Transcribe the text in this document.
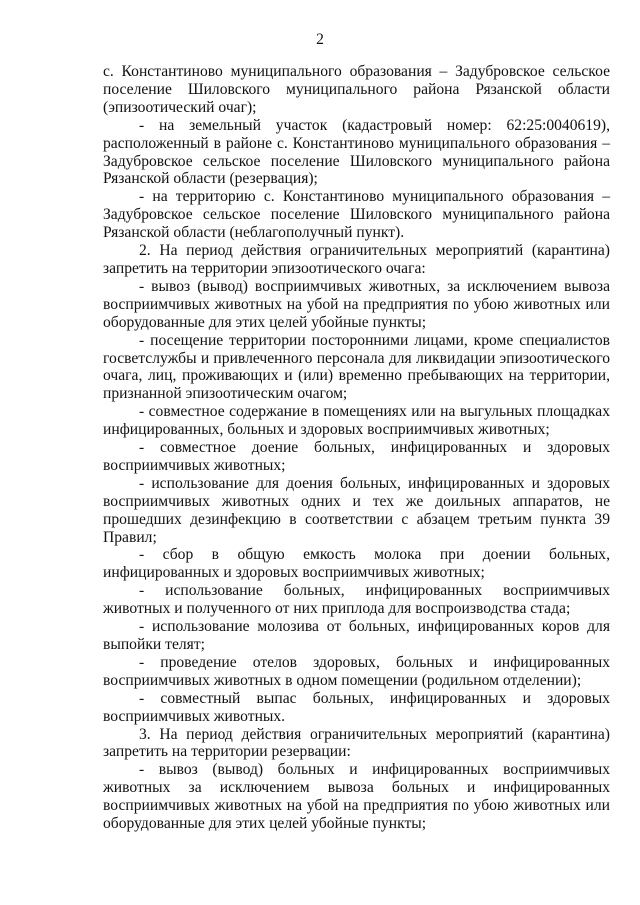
2

с. Константиново муниципального образования – Задубровское сельское поселение Шиловского муниципального района Рязанской области (эпизоотический очаг);

- на земельный участок (кадастровый номер: 62:25:0040619), расположенный в районе с. Константиново муниципального образования – Задубровское сельское поселение Шиловского муниципального района Рязанской области (резервация);

- на территорию с. Константиново муниципального образования – Задубровское сельское поселение Шиловского муниципального района Рязанской области (неблагополучный пункт).

2. На период действия ограничительных мероприятий (карантина) запретить на территории эпизоотического очага:

- вывоз (вывод) восприимчивых животных, за исключением вывоза восприимчивых животных на убой на предприятия по убою животных или оборудованные для этих целей убойные пункты;

- посещение территории посторонними лицами, кроме специалистов госветслужбы и привлеченного персонала для ликвидации эпизоотического очага, лиц, проживающих и (или) временно пребывающих на территории, признанной эпизоотическим очагом;

- совместное содержание в помещениях или на выгульных площадках инфицированных, больных и здоровых восприимчивых животных;

- совместное доение больных, инфицированных и здоровых восприимчивых животных;

- использование для доения больных, инфицированных и здоровых восприимчивых животных одних и тех же доильных аппаратов, не прошедших дезинфекцию в соответствии с абзацем третьим пункта 39 Правил;

- сбор в общую емкость молока при доении больных, инфицированных и здоровых восприимчивых животных;

- использование больных, инфицированных восприимчивых животных и полученного от них приплода для воспроизводства стада;

- использование молозива от больных, инфицированных коров для выпойки телят;

- проведение отелов здоровых, больных и инфицированных восприимчивых животных в одном помещении (родильном отделении);

- совместный выпас больных, инфицированных и здоровых восприимчивых животных.

3. На период действия ограничительных мероприятий (карантина) запретить на территории резервации:

- вывоз (вывод) больных и инфицированных восприимчивых животных за исключением вывоза больных и инфицированных восприимчивых животных на убой на предприятия по убою животных или оборудованные для этих целей убойные пункты;
